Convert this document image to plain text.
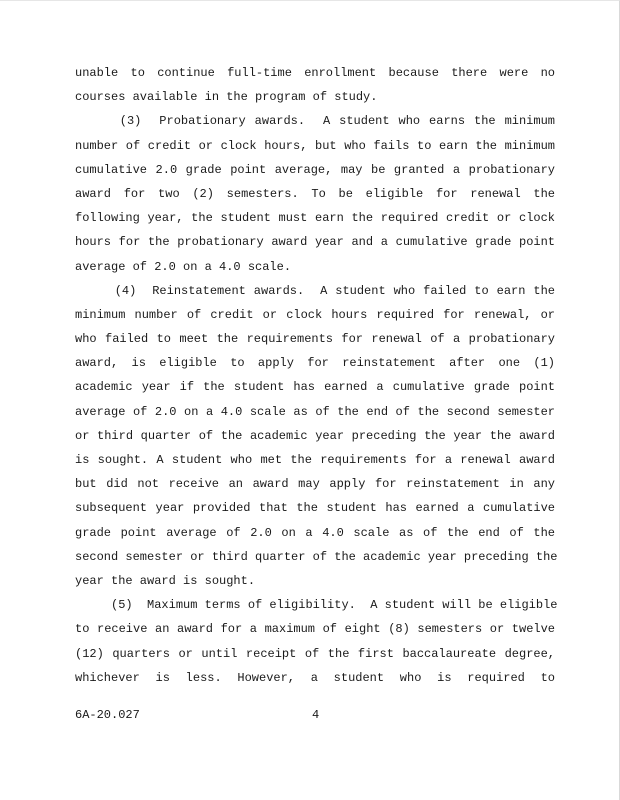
unable to continue full-time enrollment because there were no
courses available in the program of study.
(3)  Probationary awards.  A student who earns the minimum
number of credit or clock hours, but who fails to earn the minimum
cumulative 2.0 grade point average, may be granted a probationary
award for two (2) semesters. To be eligible for renewal the
following year, the student must earn the required credit or clock
hours for the probationary award year and a cumulative grade point
average of 2.0 on a 4.0 scale.
(4)  Reinstatement awards.  A student who failed to earn the
minimum number of credit or clock hours required for renewal, or
who failed to meet the requirements for renewal of a probationary
award, is eligible to apply for reinstatement after one (1)
academic year if the student has earned a cumulative grade point
average of 2.0 on a 4.0 scale as of the end of the second semester
or third quarter of the academic year preceding the year the award
is sought. A student who met the requirements for a renewal award
but did not receive an award may apply for reinstatement in any
subsequent year provided that the student has earned a cumulative
grade point average of 2.0 on a 4.0 scale as of the end of the
second semester or third quarter of the academic year preceding the
year the award is sought.
(5)  Maximum terms of eligibility.  A student will be eligible
to receive an award for a maximum of eight (8) semesters or twelve
(12) quarters or until receipt of the first baccalaureate degree,
whichever is less. However, a student who is required to
6A-20.027	4
